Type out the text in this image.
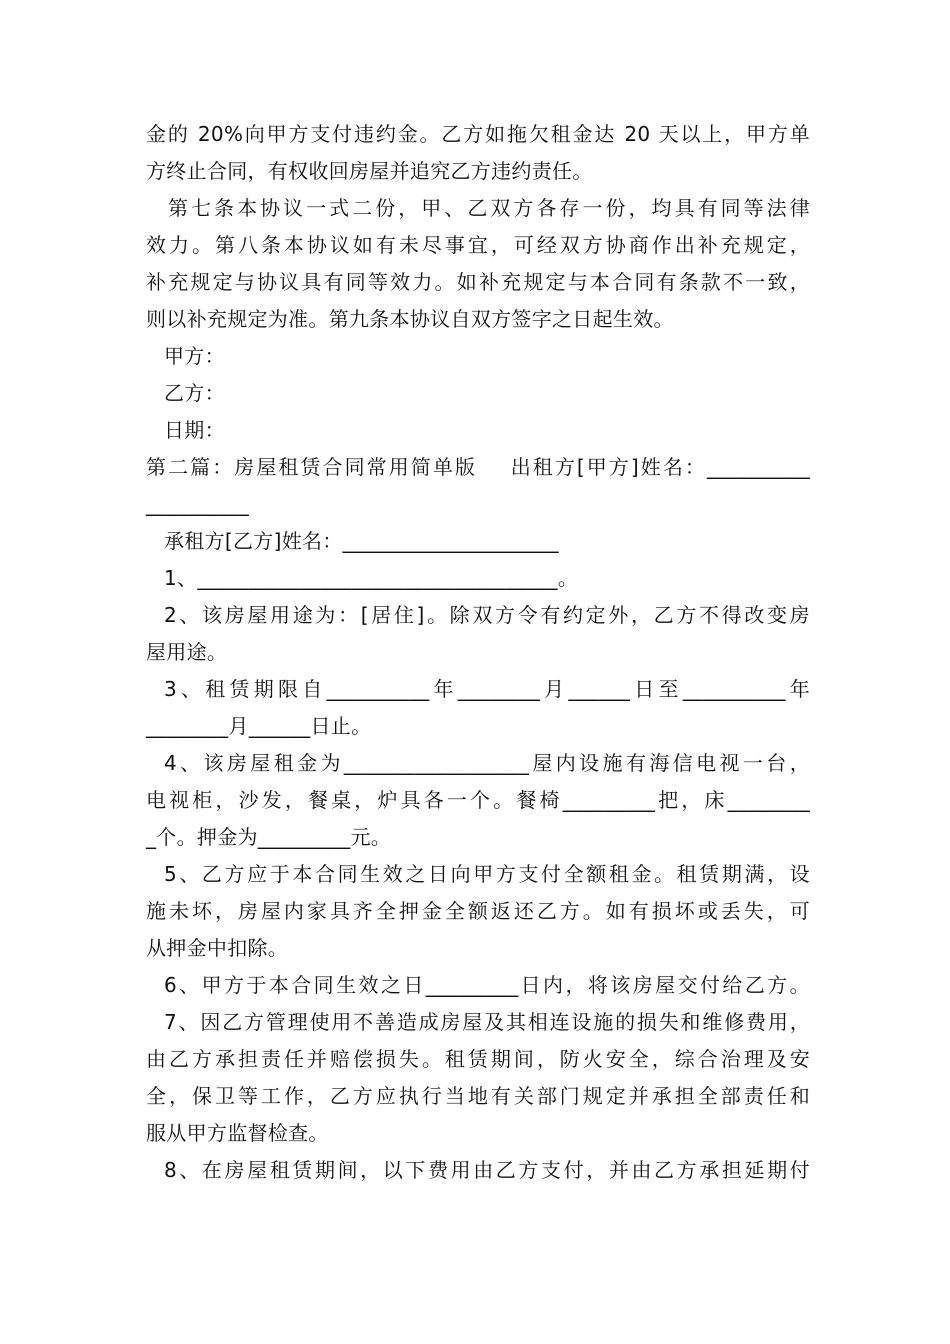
金的 20%向甲方支付违约金。乙方如拖欠租金达 20 天以上，甲方单
方终止合同，有权收回房屋并追究乙方违约责任。
第七条本协议一式二份，甲、乙双方各存一份，均具有同等法律
效力。第八条本协议如有未尽事宜，可经双方协商作出补充规定，
补充规定与协议具有同等效力。如补充规定与本合同有条款不一致，
则以补充规定为准。第九条本协议自双方签字之日起生效。
甲方：
乙方：
日期：
第二篇：房屋租赁合同常用简单版    出租方[甲方]姓名：__________
__________
承租方[乙方]姓名：_____________________
1、___________________________________。
2、该房屋用途为：[居住]。除双方令有约定外，乙方不得改变房
屋用途。
3、租赁期限自__________年________月______日至__________年
________月______日止。
4、该房屋租金为__________________屋内设施有海信电视一台，
电视柜，沙发，餐桌，炉具各一个。餐椅_________把，床________
_个。押金为_________元。
5、乙方应于本合同生效之日向甲方支付全额租金。租赁期满，设
施未坏，房屋内家具齐全押金全额返还乙方。如有损坏或丢失，可
从押金中扣除。
6、甲方于本合同生效之日_________日内，将该房屋交付给乙方。
7、因乙方管理使用不善造成房屋及其相连设施的损失和维修费用，
由乙方承担责任并赔偿损失。租赁期间，防火安全，综合治理及安
全，保卫等工作，乙方应执行当地有关部门规定并承担全部责任和
服从甲方监督检查。
8、在房屋租赁期间，以下费用由乙方支付，并由乙方承担延期付
